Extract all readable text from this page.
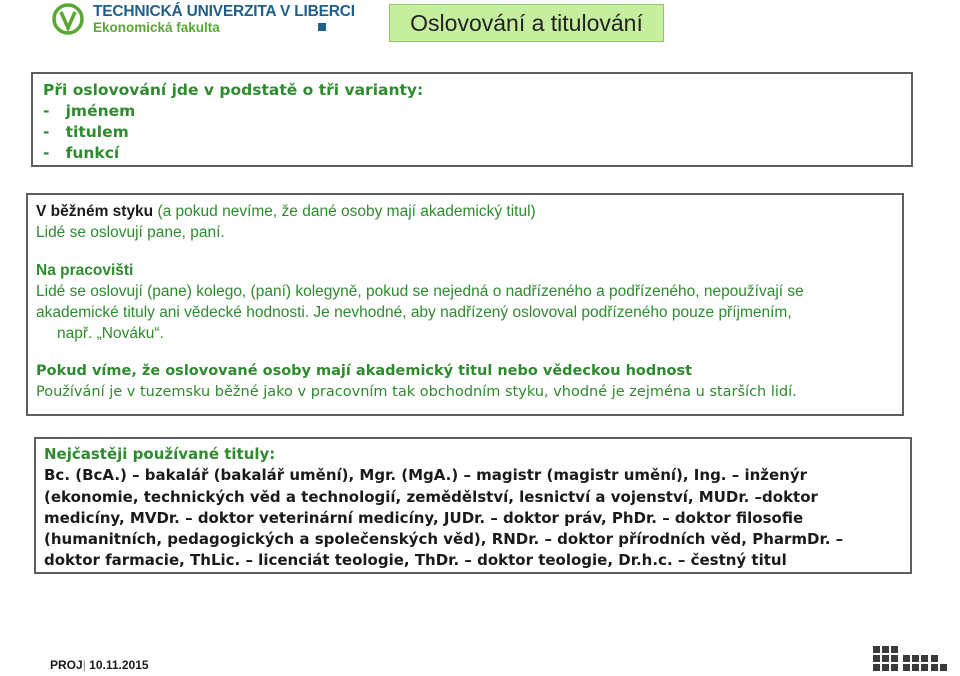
TECHNICKÁ UNIVERZITA V LIBERCI
Ekonomická fakulta	Oslovování a titulování
Při oslovování jde v podstatě o tři varianty:
-   jménem
-   titulem
-   funkcí
V běžném styku (a pokud nevíme, že dané osoby mají akademický titul)
Lidé se oslovují pane, paní.
Na pracovišti
Lidé se oslovují (pane) kolego, (paní) kolegyně, pokud se nejedná o nadřízeného a podřízeného, nepoužívají se
akademické tituly ani vědecké hodnosti. Je nevhodné, aby nadřízený oslovoval podřízeného pouze příjmením,
např. „Nováku“.
Pokud víme, že oslovované osoby mají akademický titul nebo vědeckou hodnost
Používání je v tuzemsku běžné jako v pracovním tak obchodním styku, vhodné je zejména u starších lidí.
Nejčastěji používané tituly:
Bc. (BcA.) – bakalář (bakalář umění), Mgr. (MgA.) – magistr (magistr umění), Ing. – inženýr
(ekonomie, technických věd a technologií, zemědělství, lesnictví a vojenství, MUDr. –doktor
medicíny, MVDr. – doktor veterinární medicíny, JUDr. – doktor práv, PhDr. – doktor filosofie
(humanitních, pedagogických a společenských věd), RNDr. – doktor přírodních věd, PharmDr. –
doktor farmacie, ThLic. – licenciát teologie, ThDr. – doktor teologie, Dr.h.c. – čestný titul
PROJ| 10.11.2015
